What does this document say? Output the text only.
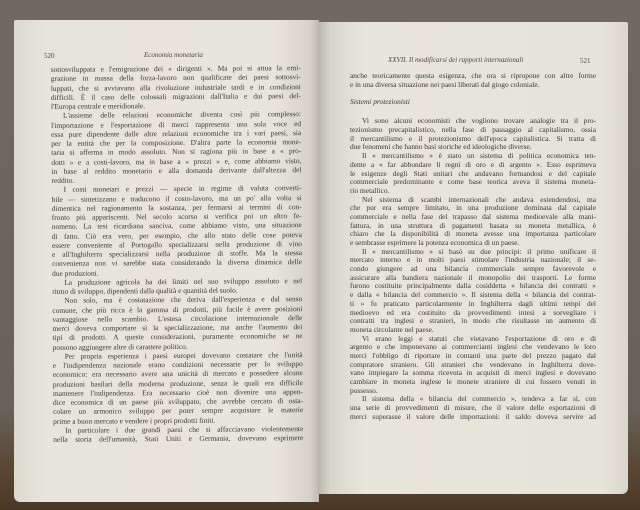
520	Economia monetaria
sottosviluppata e l'emigrazione dei « dirigenti ». Ma poi si attua la emi-
grazione in massa della forza-lavoro non qualificate dei paesi sottosvi-
luppati, che si avviavano alla rivoluzione industriale tardi e in condizioni
difficili. È il caso delle colossali migrazioni dall'Italia e dai paesi del-
l'Europa centrale e meridionale.
L'assieme delle relazioni economiche diventa così più complesso:
l'importazione e l'esportazione di merci rappresenta una sola voce ed
essa pure dipendente dalle altre relazioni economiche tra i vari paesi, sia
per la entità che per la composizione. D'altra parte la economia mone-
taria si afferma in modo assoluto. Non si ragiona più in base a « pro-
dotti » e a costi-lavoro, ma in base a « prezzi » e, come abbiamo visto,
in base al reddito monetario e alla domanda derivante dall'altezza del
reddito.
I costi monetari e prezzi — specie in regime di valuta converti-
bile — sintetizzano e traducono il costo-lavoro, ma un po' alla volta si
dimentica nel ragionamento la sostanza, per fermarsi ai termini di con-
fronto più appariscenti. Nel secolo scorso si verifica poi un altro fe-
nomeno. La tesi ricardiana sanciva, come abbiamo visto, una situazione
di fatto. Ciò era vero, per esempio, che allo stato delle cose poteva
essere conveniente al Portogallo specializzarsi nella produzione di vino
e all'Inghilterra specializzarsi nella produzione di stoffe. Ma la stessa
convenienza non vi sarebbe stata considerando la diversa dinamica delle
due produzioni.
La produzione agricola ha dei limiti nel suo sviluppo assoluto e nel
ritmo di sviluppo, dipendenti dalla qualità e quantità del suolo.
Non solo, ma è costatazione che deriva dall'esperienza e dal senso
comune, che più ricca è la gamma di prodotti, più facile è avere posizioni
vantaggiose nello scambio. L'estesa circolazione internazionale delle
merci doveva comportare sì la specializzazione, ma anche l'aumento dei
tipi di prodotti. A queste considerazioni, puramente economiche se ne
possono aggiungere altre di carattere politico.
Per propria esperienza i paesi europei dovevano costatare che l'unità
e l'indipendenza nazionale erano condizioni necessarie per lo sviluppo
economico: era necessario avere una unicità di mercato e possedere alcune
produzioni basilari della moderna produzione, senza le quali era difficile
mantenere l'indipendenza. Era necessario cioè non divenire una appen-
dice economica di un paese più sviluppato, che avrebbe cercato di osta-
colare un armonico sviluppo per poter sempre acquistare le materie
prime a buon mercato e vendere i propri prodotti finiti.
In particolare i due grandi paesi che si affacciavano violentemente
nella storia dell'umanità, Stati Uniti e Germania, dovevano esprimere
XXVII. Il modificarsi dei rapporti internazionali	521
anche teoricamente questa esigenza, che ora si ripropone con altre forme
e in una diversa situazione nei paesi liberati dal giogo coloniale.
Sistemi protezionisti
Vi sono alcuni economisti che vogliono trovare analogie tra il pro-
tezionismo precapitalistico, nella fase di passaggio al capitalismo, ossia
il mercantilismo e il protezionismo dell'epoca capitalistica. Si tratta di
due fenomeni che hanno basi storiche ed ideologiche diverse.
Il « mercantilismo » è stato un sistema di politica economica ten-
dente a « far abbondare li regni di oro e di argento ». Esso esprimeva
le esigenze degli Stati unitari che andavano formandosi e del capitale
commerciale predominante e come base teorica aveva il sistema moneta-
rio metallico.
Nel sistema di scambi internazionali che andava estendendosi, ma
che pur era sempre limitato, in una produzione dominata dal capitale
commerciale e nella fase del trapasso dal sistema medioevale alla mani-
fattura, in una struttura di pagamenti basata su moneta metallica, è
chiaro che la disponibilità di moneta avesse una importanza particolare
e sembrasse esprimere la potenza economica di un paese.
Il « mercantilismo » si basò su due principi: il primo unificare il
mercato interno e in molti paesi stimolare l'industria nazionale; il se-
condo giungere ad una bilancia commerciale sempre favorevole e
assicurare alla bandiera nazionale il monopolio dei trasporti. Le forme
furono costituite principalmente dalla cosiddetta « bilancia dei contratti »
e dalla « bilancia del commercio ». Il sistema della « bilancia dei contrat-
ti » fu praticato particolarmente in Inghilterra dagli ultimi tempi del
medioevo ed era costituito da provvedimenti intesi a sorvegliare i
contratti tra inglesi e stranieri, in modo che risultasse un aumento di
moneta circolante nel paese.
Vi erano leggi e statuti che vietavano l'esportazione di oro e di
argento e che imponevano ai commercianti inglesi che vendevano le loro
merci l'obbligo di riportare in contanti una parte del prezzo pagato dal
compratore straniero. Gli stranieri che vendevano in Inghilterra dove-
vano impiegare la somma ricevuta in acquisti di merci inglesi e dovevano
cambiare in moneta inglese le monete straniere di cui fossero venuti in
possesso.
Il sistema della « bilancia del commercio », tendeva a far sì, con
una serie di provvedimenti di misure, che il valore delle esportazioni di
merci superasse il valore delle importazioni: il saldo doveva servire ad
